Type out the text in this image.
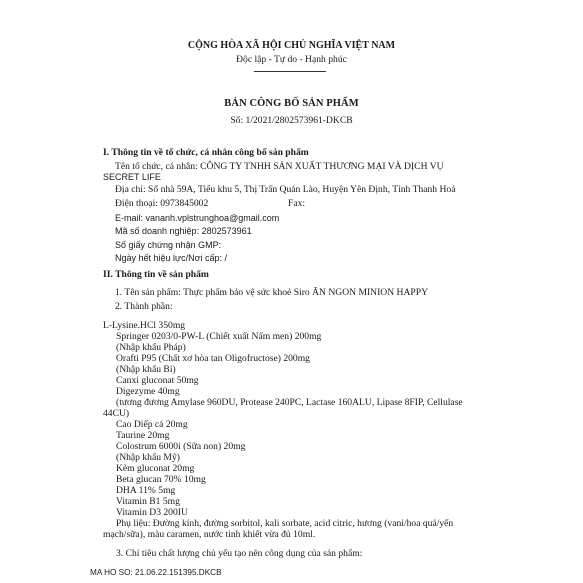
CỘNG HÒA XÃ HỘI CHỦ NGHĨA VIỆT NAM
Độc lập - Tự do - Hạnh phúc
BẢN CÔNG BỐ SẢN PHẨM
Số: 1/2021/2802573961-DKCB
I. Thông tin về tổ chức, cá nhân công bố sản phẩm
Tên tổ chức, cá nhân: CÔNG TY TNHH SẢN XUẤT THƯƠNG MẠI VÀ DỊCH VỤ
SECRET LIFE
Địa chỉ: Số nhà 59A, Tiểu khu 5, Thị Trấn Quán Lào, Huyện Yên Định, Tỉnh Thanh Hoá
Điện thoại: 0973845002	Fax:
E-mail: vananh.vplstrunghoa@gmail.com
Mã số doanh nghiệp: 2802573961
Số giấy chứng nhận GMP:
Ngày hết hiệu lực/Nơi cấp: /
II. Thông tin về sản phẩm
1. Tên sản phẩm: Thực phẩm bảo vệ sức khoẻ Siro ĂN NGON MINION HAPPY
2. Thành phần:
L-Lysine.HCl 350mg
Springer 0203/0-PW-L (Chiết xuất Nấm men) 200mg
(Nhập khẩu Pháp)
Orafti P95 (Chất xơ hòa tan Oligofructose) 200mg
(Nhập khẩu Bỉ)
Canxi gluconat 50mg
Digezyme 40mg
(tương đương Amylase 960DU, Protease 240PC, Lactase 160ALU, Lipase 8FIP, Cellulase
44CU)
Cao Diếp cá 20mg
Taurine 20mg
Colostrum 6000i (Sữa non) 20mg
(Nhập khẩu Mỹ)
Kẽm gluconat 20mg
Beta glucan 70% 10mg
DHA 11% 5mg
Vitamin B1 5mg
Vitamin D3 200IU
Phụ liệu: Đường kính, đường sorbitol, kali sorbate, acid citric, hương (vani/hoa quả/yến
mạch/sữa), màu caramen, nước tinh khiết vừa đủ 10ml.
3. Chỉ tiêu chất lượng chủ yếu tạo nên công dụng của sản phẩm:
MA HO SO: 21.06.22.151395.DKCB
